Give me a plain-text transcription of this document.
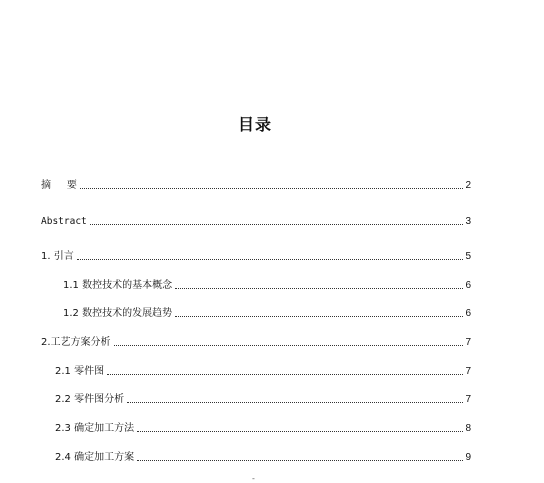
目录
摘     要	2
Abstract	3
1. 引言	5
1.1 数控技术的基本概念	6
1.2 数控技术的发展趋势	6
2.工艺方案分析	7
2.1 零件图	7
2.2 零件图分析	7
2.3 确定加工方法	8
2.4 确定加工方案	9
-
